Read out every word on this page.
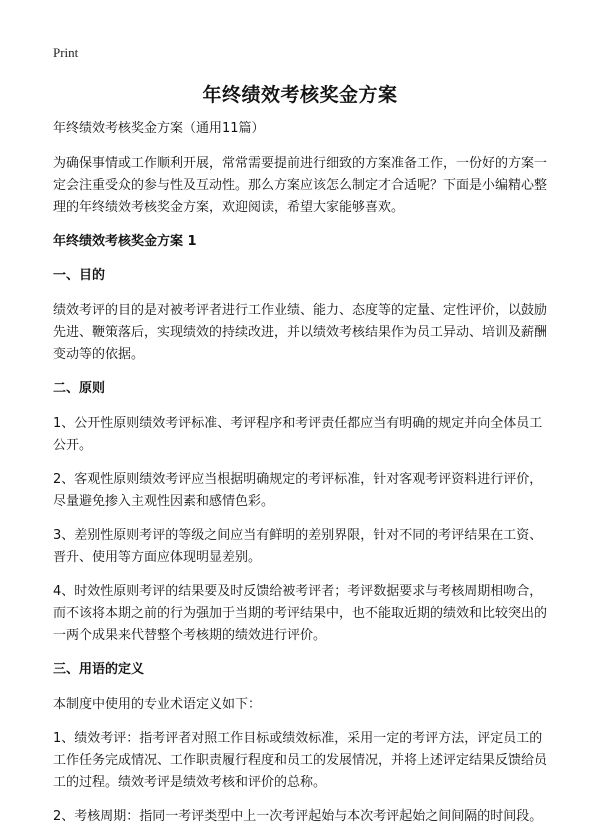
Print
年终绩效考核奖金方案

年终绩效考核奖金方案（通用11篇）

为确保事情或工作顺利开展，常常需要提前进行细致的方案准备工作，一份好的方案一定会注重受众的参与性及互动性。那么方案应该怎么制定才合适呢？下面是小编精心整理的年终绩效考核奖金方案，欢迎阅读，希望大家能够喜欢。

年终绩效考核奖金方案 1

一、目的

绩效考评的目的是对被考评者进行工作业绩、能力、态度等的定量、定性评价，以鼓励先进、鞭策落后，实现绩效的持续改进，并以绩效考核结果作为员工异动、培训及薪酬变动等的依据。

二、原则

1、公开性原则绩效考评标准、考评程序和考评责任都应当有明确的规定并向全体员工公开。

2、客观性原则绩效考评应当根据明确规定的考评标准，针对客观考评资料进行评价，尽量避免掺入主观性因素和感情色彩。

3、差别性原则考评的等级之间应当有鲜明的差别界限，针对不同的考评结果在工资、晋升、使用等方面应体现明显差别。

4、时效性原则考评的结果要及时反馈给被考评者；考评数据要求与考核周期相吻合，而不该将本期之前的行为强加于当期的考评结果中，也不能取近期的绩效和比较突出的一两个成果来代替整个考核期的绩效进行评价。

三、用语的定义

本制度中使用的专业术语定义如下：

1、绩效考评：指考评者对照工作目标或绩效标准，采用一定的考评方法，评定员工的工作任务完成情况、工作职责履行程度和员工的发展情况，并将上述评定结果反馈给员工的过程。绩效考评是绩效考核和评价的总称。

2、考核周期：指同一考评类型中上一次考评起始与本次考评起始之间间隔的时间段。
